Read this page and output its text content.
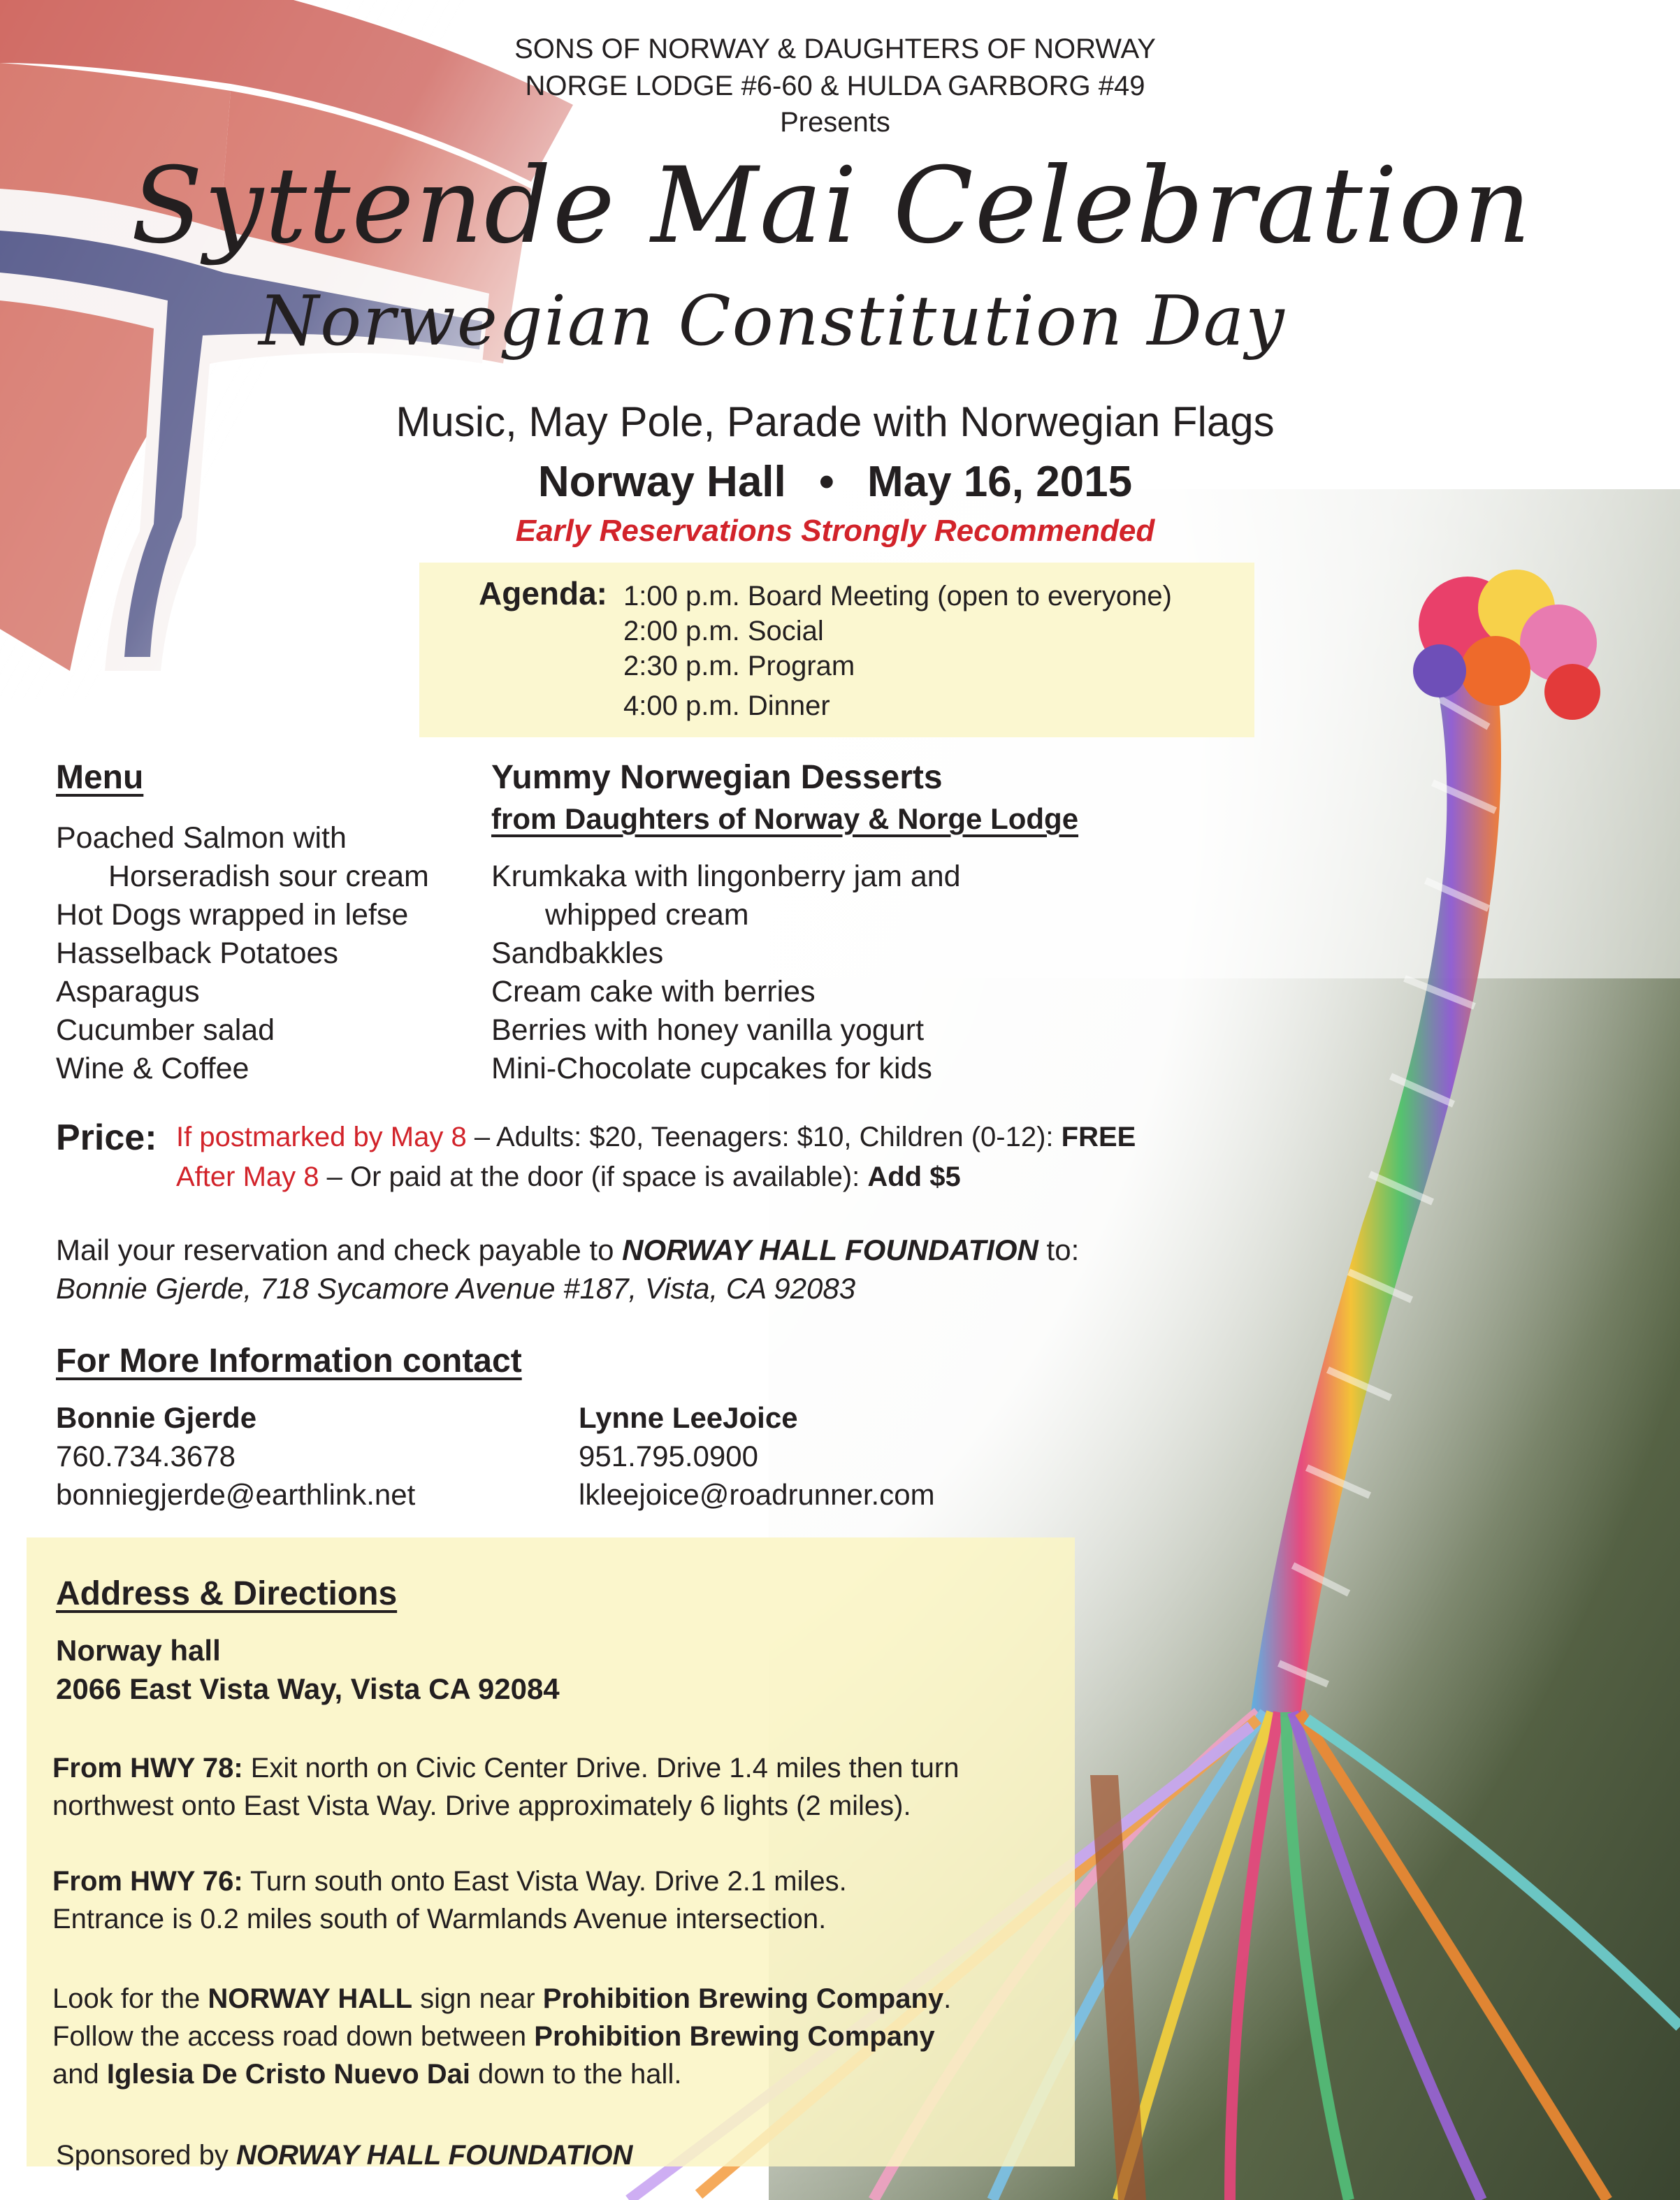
SONS OF NORWAY & DAUGHTERS OF NORWAY
NORGE LODGE #6-60 & HULDA GARBORG #49
Presents
Syttende Mai Celebration
Norwegian Constitution Day
Music, May Pole, Parade with Norwegian Flags
Norway Hall • May 16, 2015
Early Reservations Strongly Recommended
Agenda: 1:00 p.m. Board Meeting (open to everyone)
2:00 p.m. Social
2:30 p.m. Program
4:00 p.m. Dinner
Menu
Poached Salmon with
Horseradish sour cream
Hot Dogs wrapped in lefse
Hasselback Potatoes
Asparagus
Cucumber salad
Wine & Coffee
Yummy Norwegian Desserts
from Daughters of Norway & Norge Lodge
Krumkaka with lingonberry jam and
whipped cream
Sandbakkles
Cream cake with berries
Berries with honey vanilla yogurt
Mini-Chocolate cupcakes for kids
Price: If postmarked by May 8 – Adults: $20, Teenagers: $10, Children (0-12): FREE
After May 8 – Or paid at the door (if space is available): Add $5
Mail your reservation and check payable to NORWAY HALL FOUNDATION to:
Bonnie Gjerde, 718 Sycamore Avenue #187, Vista, CA 92083
For More Information contact
Bonnie Gjerde
760.734.3678
bonniegjerde@earthlink.net
Lynne LeeJoice
951.795.0900
lkleejoice@roadrunner.com
Address & Directions
Norway hall
2066 East Vista Way, Vista CA 92084
From HWY 78: Exit north on Civic Center Drive. Drive 1.4 miles then turn
northwest onto East Vista Way. Drive approximately 6 lights (2 miles).
From HWY 76: Turn south onto East Vista Way. Drive 2.1 miles.
Entrance is 0.2 miles south of Warmlands Avenue intersection.
Look for the NORWAY HALL sign near Prohibition Brewing Company.
Follow the access road down between Prohibition Brewing Company
and Iglesia De Cristo Nuevo Dai down to the hall.
Sponsored by NORWAY HALL FOUNDATION
